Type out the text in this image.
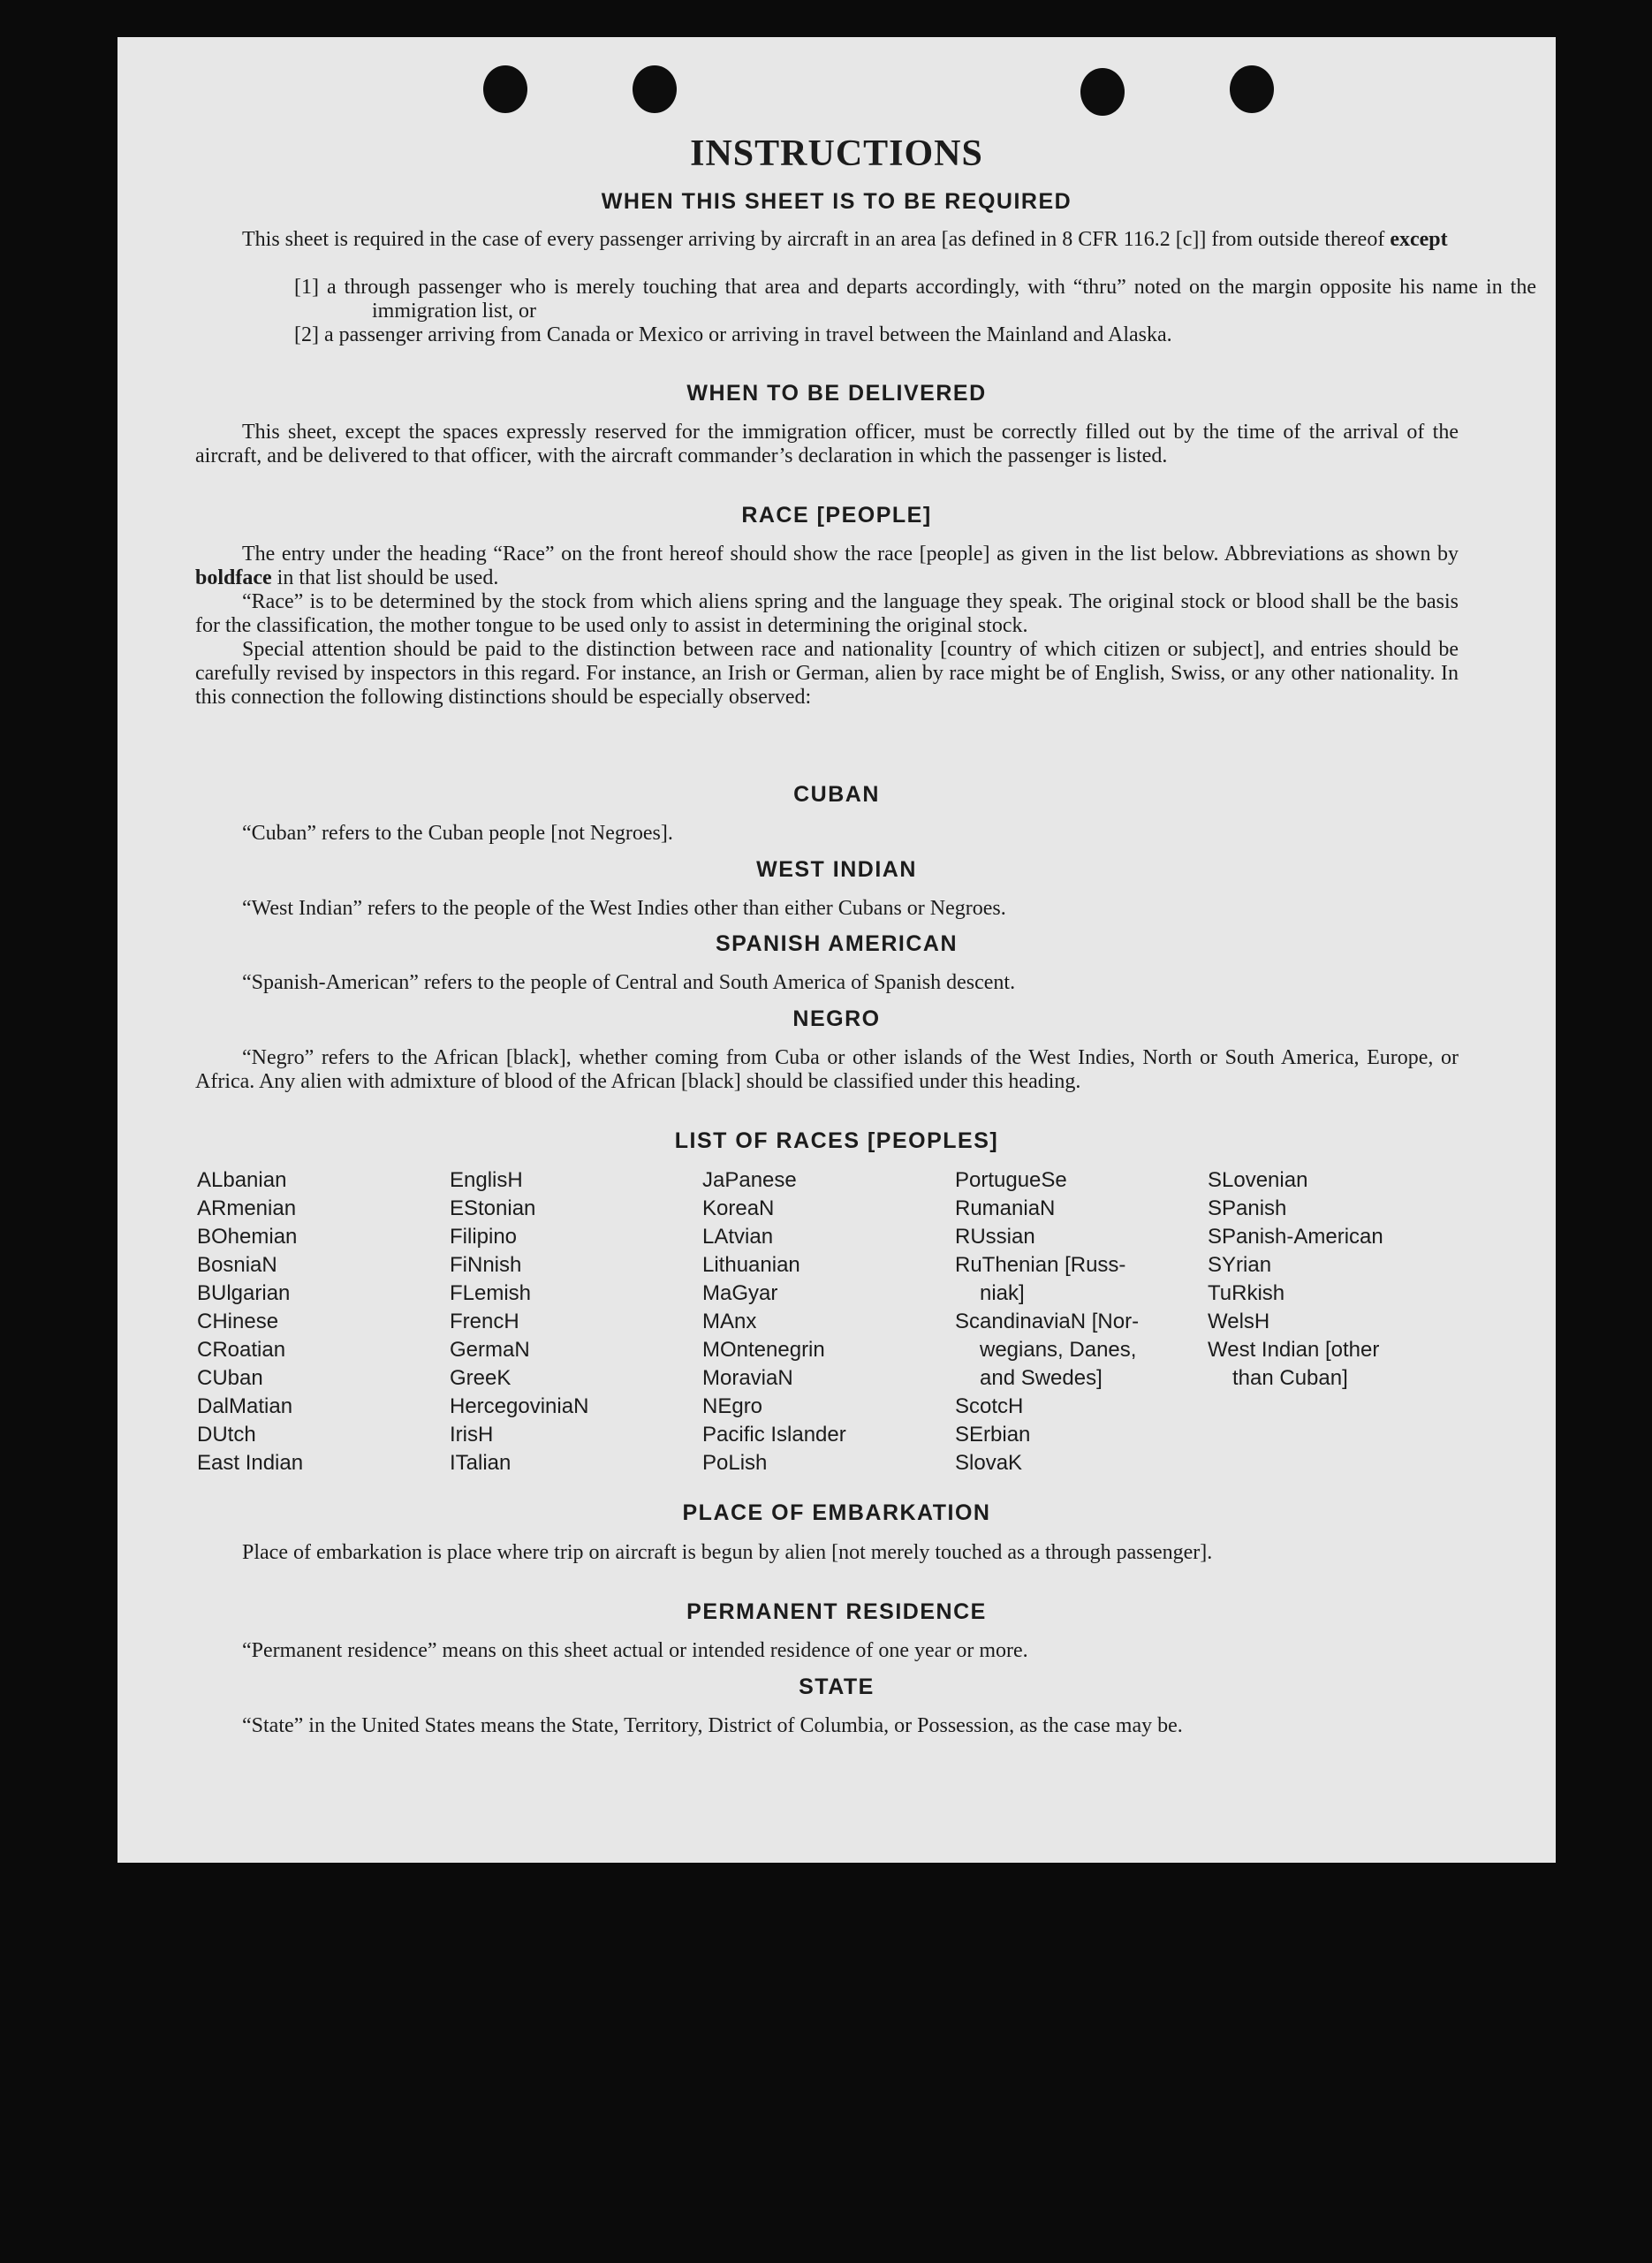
INSTRUCTIONS
WHEN THIS SHEET IS TO BE REQUIRED

This sheet is required in the case of every passenger arriving by aircraft in an area [as defined in 8 CFR 116.2 [c]] from outside thereof except

[1] a through passenger who is merely touching that area and departs accordingly, with “thru” noted on the margin opposite his name in the immigration list, or
[2] a passenger arriving from Canada or Mexico or arriving in travel between the Mainland and Alaska.
WHEN TO BE DELIVERED

This sheet, except the spaces expressly reserved for the immigration officer, must be correctly filled out by the time of the arrival of the aircraft, and be delivered to that officer, with the aircraft commander’s declaration in which the passenger is listed.

RACE [PEOPLE]

The entry under the heading “Race” on the front hereof should show the race [people] as given in the list below. Abbreviations as shown by boldface in that list should be used.

“Race” is to be determined by the stock from which aliens spring and the language they speak. The original stock or blood shall be the basis for the classification, the mother tongue to be used only to assist in determining the original stock.

Special attention should be paid to the distinction between race and nationality [country of which citizen or subject], and entries should be carefully revised by inspectors in this regard. For instance, an Irish or German, alien by race might be of English, Swiss, or any other nationality. In this connection the following distinctions should be especially observed:

CUBAN

“Cuban” refers to the Cuban people [not Negroes].

WEST INDIAN

“West Indian” refers to the people of the West Indies other than either Cubans or Negroes.

SPANISH AMERICAN

“Spanish-American” refers to the people of Central and South America of Spanish descent.

NEGRO

“Negro” refers to the African [black], whether coming from Cuba or other islands of the West Indies, North or South America, Europe, or Africa. Any alien with admixture of blood of the African [black] should be classified under this heading.

LIST OF RACES [PEOPLES]
ALbanian
ARmenian
BOhemian
BosniaN
BUlgarian
CHinese
CRoatian
CUban
DalMatian
DUtch
East Indian
EnglisH
EStonian
Filipino
FiNnish
FLemish
FrencH
GermaN
GreeK
HercegoviniaN
IrisH
ITalian
JaPanese
KoreaN
LAtvian
Lithuanian
MaGyar
MAnx
MOntenegrin
MoraviaN
NEgro
Pacific Islander
PoLish
PortugueSe
RumaniaN
RUssian
RuThenian [Russ-
niak]
ScandinaviaN [Nor-
wegians, Danes,
and Swedes]
ScotcH
SErbian
SlovaK
SLovenian
SPanish
SPanish-American
SYrian
TuRkish
WelsH
West Indian [other
than Cuban]
PLACE OF EMBARKATION

Place of embarkation is place where trip on aircraft is begun by alien [not merely touched as a through passenger].

PERMANENT RESIDENCE

“Permanent residence” means on this sheet actual or intended residence of one year or more.

STATE

“State” in the United States means the State, Territory, District of Columbia, or Possession, as the case may be.
